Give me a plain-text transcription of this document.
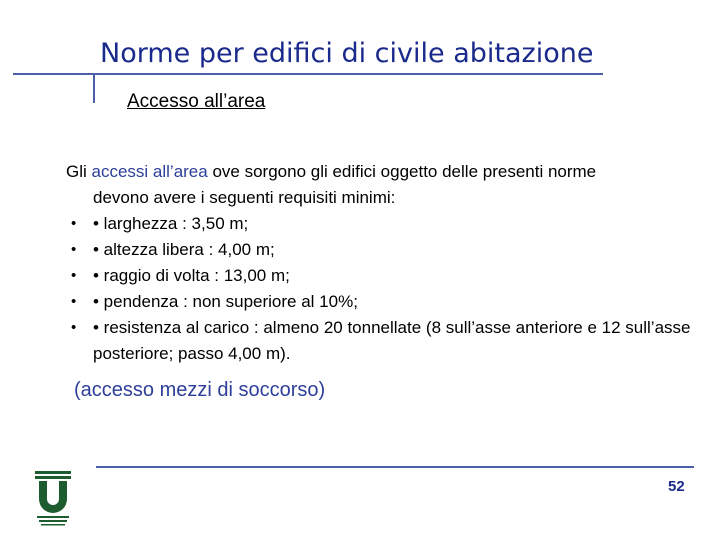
Norme per edifici di civile abitazione
Accesso all’area
Gli accessi all’area ove sorgono gli edifici oggetto delle presenti norme
devono avere i seguenti requisiti minimi:
• • larghezza : 3,50 m;
• • altezza libera : 4,00 m;
• • raggio di volta : 13,00 m;
• • pendenza : non superiore al 10%;
• • resistenza al carico : almeno 20 tonnellate (8 sull’asse anteriore e 12 sull’asse posteriore; passo 4,00 m).
(accesso mezzi di soccorso)
52
